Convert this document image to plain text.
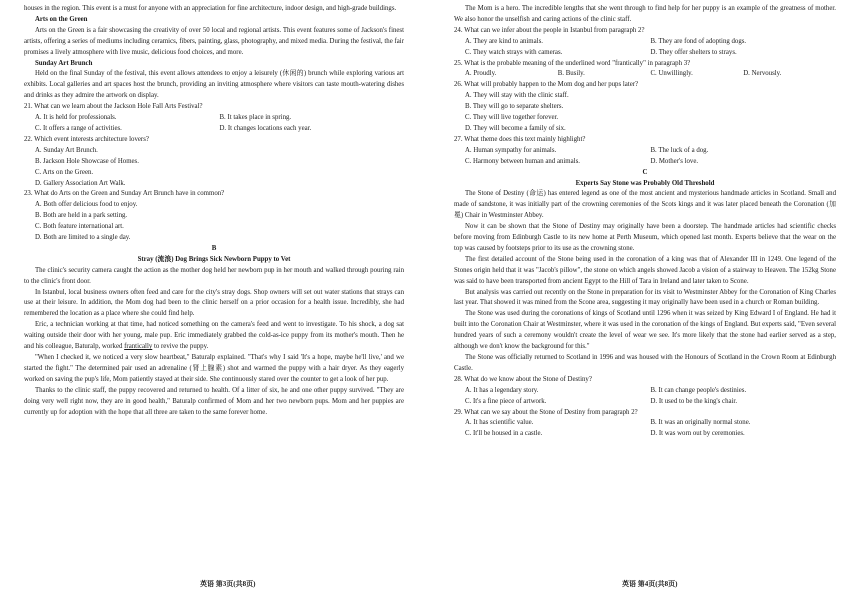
houses in the region. This event is a must for anyone with an appreciation for fine architecture, indoor design, and high-grade buildings.

Arts on the Green

Arts on the Green is a fair showcasing the creativity of over 50 local and regional artists. This event features some of Jackson's finest artists, offering a series of mediums including ceramics, fibers, painting, glass, photography, and mixed media. During the festival, the fair promises a lively atmosphere with live music, delicious food choices, and more.

Sunday Art Brunch

Held on the final Sunday of the festival, this event allows attendees to enjoy a leisurely (休闲的) brunch while exploring various art exhibits. Local galleries and art spaces host the brunch, providing an inviting atmosphere where visitors can taste mouth-watering dishes and drinks as they admire the artwork on display.

21. What can we learn about the Jackson Hole Fall Arts Festival?

A. It is held for professionals.	B. It takes place in spring.
C. It offers a range of activities.	D. It changes locations each year.

22. Which event interests architecture lovers?

A. Sunday Art Brunch.
B. Jackson Hole Showcase of Homes.
C. Arts on the Green.
D. Gallery Association Art Walk.

23. What do Arts on the Green and Sunday Art Brunch have in common?

A. Both offer delicious food to enjoy.
B. Both are held in a park setting.
C. Both feature international art.
D. Both are limited to a single day.

B

Stray (流浪) Dog Brings Sick Newborn Puppy to Vet

The clinic's security camera caught the action as the mother dog held her newborn pup in her mouth and walked through pouring rain to the clinic's front door.

In Istanbul, local business owners often feed and care for the city's stray dogs. Shop owners will set out water stations that strays can use at their leisure. In addition, the Mom dog had been to the clinic herself on a prior occasion for a health issue. Incredibly, she had remembered the location as a place where she could find help.

Eric, a technician working at that time, had noticed something on the camera's feed and went to investigate. To his shock, a dog sat waiting outside their door with her young, male pup. Eric immediately grabbed the cold-as-ice puppy from its mother's mouth. Then he and his colleague, Baturalp, worked frantically to revive the puppy.

"When I checked it, we noticed a very slow heartbeat," Baturalp explained. "That's why I said 'It's a hope, maybe he'll live,' and we started the fight." The determined pair used an adrenaline (肾上腺素) shot and warmed the puppy with a hair dryer. As they eagerly worked on saving the pup's life, Mom patiently stayed at their side. She continuously stared over the counter to get a look of her pup.

Thanks to the clinic staff, the puppy recovered and returned to health. Of a litter of six, he and one other puppy survived. "They are doing very well right now, they are in good health," Baturalp confirmed of Mom and her two newborn pups. Mom and her puppies are currently up for adoption with the hope that all three are taken to the same forever home.

The Mom is a hero. The incredible lengths that she went through to find help for her puppy is an example of the greatness of mother. We also honor the unselfish and caring actions of the clinic staff.

24. What can we infer about the people in Istanbul from paragraph 2?

A. They are kind to animals.	B. They are fond of adopting dogs.
C. They watch strays with cameras.	D. They offer shelters to strays.

25. What is the probable meaning of the underlined word "frantically" in paragraph 3?

A. Proudly.	B. Busily.	C. Unwillingly.	D. Nervously.

26. What will probably happen to the Mom dog and her pups later?

A. They will stay with the clinic staff.
B. They will go to separate shelters.
C. They will live together forever.
D. They will become a family of six.

27. What theme does this text mainly highlight?

A. Human sympathy for animals.	B. The luck of a dog.
C. Harmony between human and animals.	D. Mother's love.

C

Experts Say Stone was Probably Old Threshold

The Stone of Destiny (命运) has entered legend as one of the most ancient and mysterious handmade articles in Scotland. Small and made of sandstone, it was initially part of the crowning ceremonies of the Scots kings and it was later placed beneath the Coronation (加冕) Chair in Westminster Abbey.

Now it can be shown that the Stone of Destiny may originally have been a doorstep. The handmade articles had scientific checks before moving from Edinburgh Castle to its new home at Perth Museum, which opened last month. Experts believe that the wear on the top was caused by footsteps prior to its use as the crowning stone.

The first detailed account of the Stone being used in the coronation of a king was that of Alexander III in 1249. One legend of the Stones origin held that it was "Jacob's pillow", the stone on which angels showed Jacob a vision of a stairway to Heaven. The 152kg Stone was said to have been transported from ancient Egypt to the Hill of Tara in Ireland and later taken to Scone.

But analysis was carried out recently on the Stone in preparation for its visit to Westminster Abbey for the Coronation of King Charles last year. That showed it was mined from the Scone area, suggesting it may originally have been used in a church or Roman building.

The Stone was used during the coronations of kings of Scotland until 1296 when it was seized by King Edward I of England. He had it built into the Coronation Chair at Westminster, where it was used in the coronation of the kings of England. But experts said, "Even several hundred years of such a ceremony wouldn't create the level of wear we see. It's more likely that the stone had earlier served as a step, although we don't know the background for this."

The Stone was officially returned to Scotland in 1996 and was housed with the Honours of Scotland in the Crown Room at Edinburgh Castle.

28. What do we know about the Stone of Destiny?

A. It has a legendary story.	B. It can change people's destinies.
C. It's a fine piece of artwork.	D. It used to be the king's chair.

29. What can we say about the Stone of Destiny from paragraph 2?

A. It has scientific value.	B. It was an originally normal stone.
C. It'll be housed in a castle.	D. It was worn out by ceremonies.
英语 第3页(共8页)	英语 第4页(共8页)
